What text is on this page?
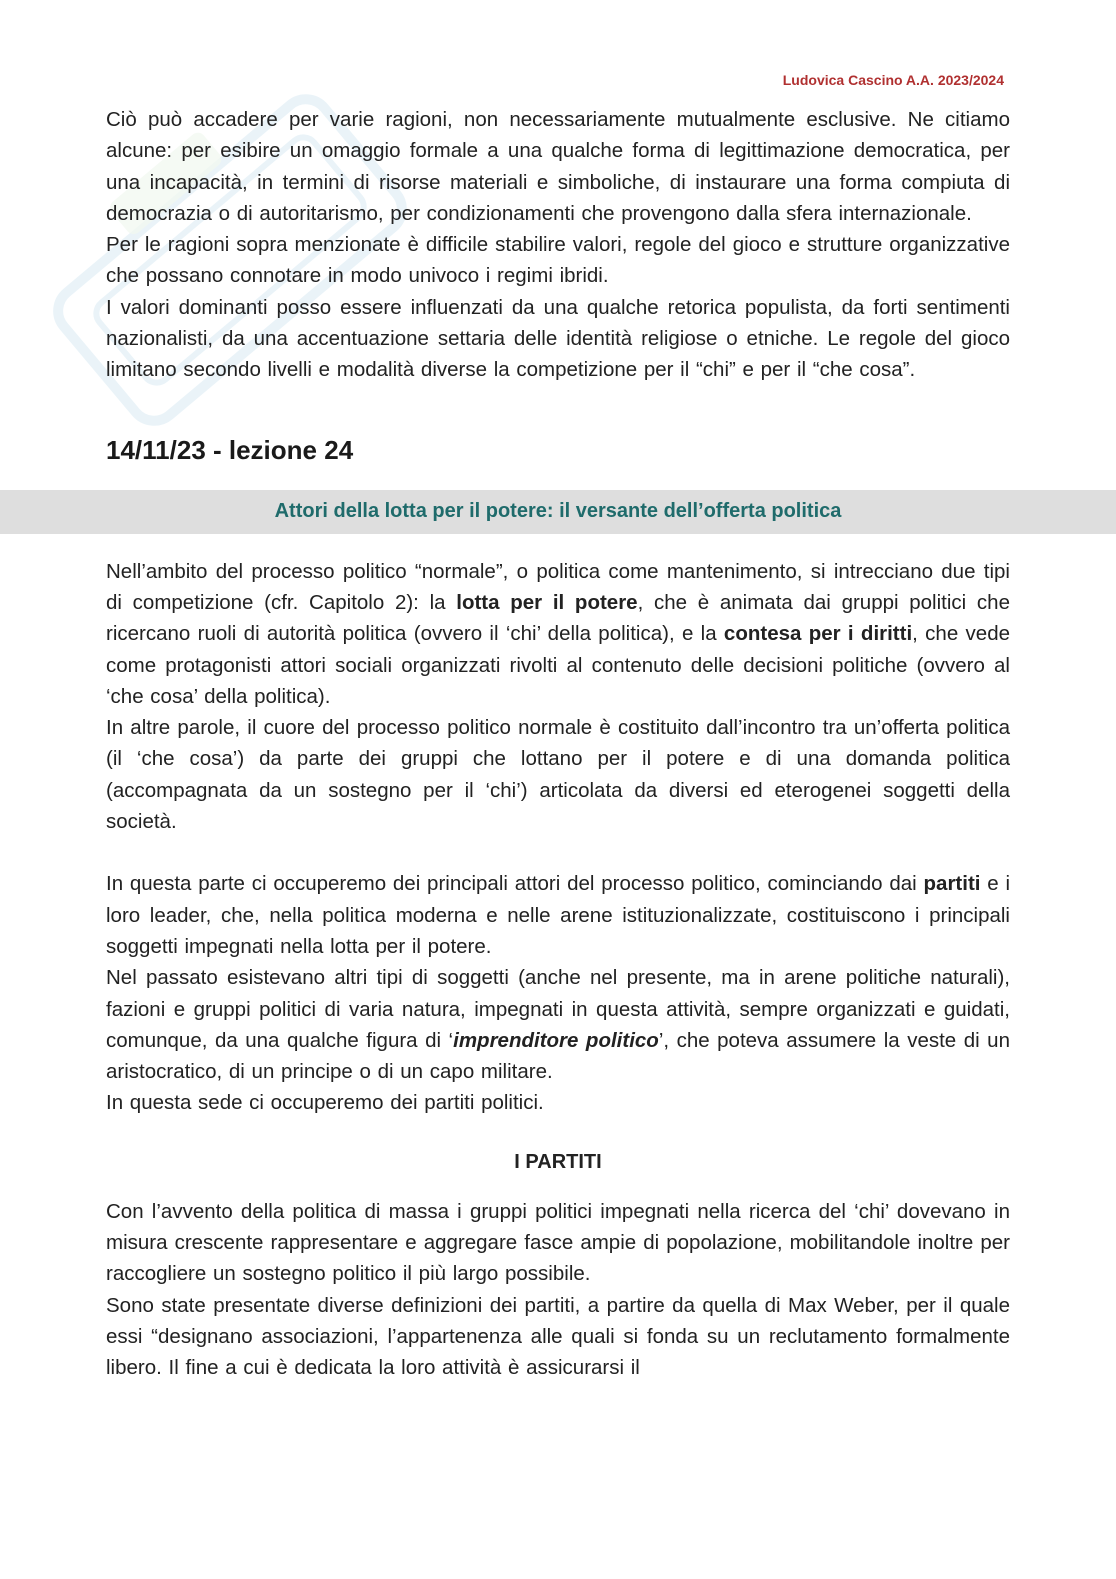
Ludovica Cascino A.A. 2023/2024

Ciò può accadere per varie ragioni, non necessariamente mutualmente esclusive. Ne citiamo alcune: per esibire un omaggio formale a una qualche forma di legittimazione democratica, per una incapacità, in termini di risorse materiali e simboliche, di instaurare una forma compiuta di democrazia o di autoritarismo, per condizionamenti che provengono dalla sfera internazionale.

Per le ragioni sopra menzionate è difficile stabilire valori, regole del gioco e strutture organizzative che possano connotare in modo univoco i regimi ibridi.

I valori dominanti posso essere influenzati da una qualche retorica populista, da forti sentimenti nazionalisti, da una accentuazione settaria delle identità religiose o etniche. Le regole del gioco limitano secondo livelli e modalità diverse la competizione per il “chi” e per il “che cosa”.

14/11/23 - lezione 24
Attori della lotta per il potere: il versante dell’offerta politica

Nell’ambito del processo politico “normale”, o politica come mantenimento, si intrecciano due tipi di competizione (cfr. Capitolo 2): la lotta per il potere, che è animata dai gruppi politici che ricercano ruoli di autorità politica (ovvero il ‘chi’ della politica), e la contesa per i diritti, che vede come protagonisti attori sociali organizzati rivolti al contenuto delle decisioni politiche (ovvero al ‘che cosa’ della politica).

In altre parole, il cuore del processo politico normale è costituito dall’incontro tra un’offerta politica (il ‘che cosa’) da parte dei gruppi che lottano per il potere e di una domanda politica (accompagnata da un sostegno per il ‘chi’) articolata da diversi ed eterogenei soggetti della società.

In questa parte ci occuperemo dei principali attori del processo politico, cominciando dai partiti e i loro leader, che, nella politica moderna e nelle arene istituzionalizzate, costituiscono i principali soggetti impegnati nella lotta per il potere.

Nel passato esistevano altri tipi di soggetti (anche nel presente, ma in arene politiche naturali), fazioni e gruppi politici di varia natura, impegnati in questa attività, sempre organizzati e guidati, comunque, da una qualche figura di ‘imprenditore politico’, che poteva assumere la veste di un aristocratico, di un principe o di un capo militare.

In questa sede ci occuperemo dei partiti politici.

I PARTITI

Con l’avvento della politica di massa i gruppi politici impegnati nella ricerca del ‘chi’ dovevano in misura crescente rappresentare e aggregare fasce ampie di popolazione, mobilitandole inoltre per raccogliere un sostegno politico il più largo possibile.

Sono state presentate diverse definizioni dei partiti, a partire da quella di Max Weber, per il quale essi “designano associazioni, l’appartenenza alle quali si fonda su un reclutamento formalmente libero. Il fine a cui è dedicata la loro attività è assicurarsi il
